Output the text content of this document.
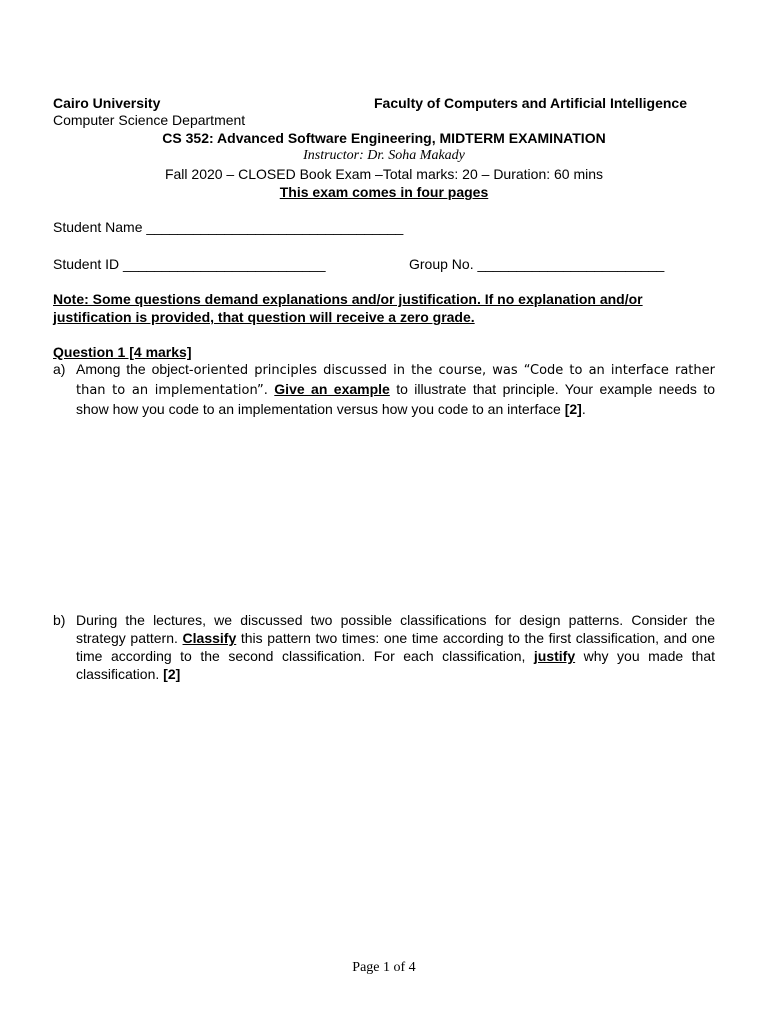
Cairo University	Faculty of Computers and Artificial Intelligence
Computer Science Department
CS 352: Advanced Software Engineering, MIDTERM EXAMINATION
Instructor: Dr. Soha Makady
Fall 2020 – CLOSED Book Exam –Total marks: 20 – Duration: 60 mins
This exam comes in four pages
Student Name _________________________________
Student ID __________________________	Group No. ________________________
Note: Some questions demand explanations and/or justification. If no explanation and/or
justification is provided, that question will receive a zero grade.
Question 1 [4 marks]
a) Among the object-oriented principles discussed in the course, was “Code to an interface rather than to an implementation”. Give an example to illustrate that principle. Your example needs to show how you code to an implementation versus how you code to an interface [2].
b) During the lectures, we discussed two possible classifications for design patterns. Consider the strategy pattern. Classify this pattern two times: one time according to the first classification, and one time according to the second classification. For each classification, justify why you made that classification. [2]
Page 1 of 4
